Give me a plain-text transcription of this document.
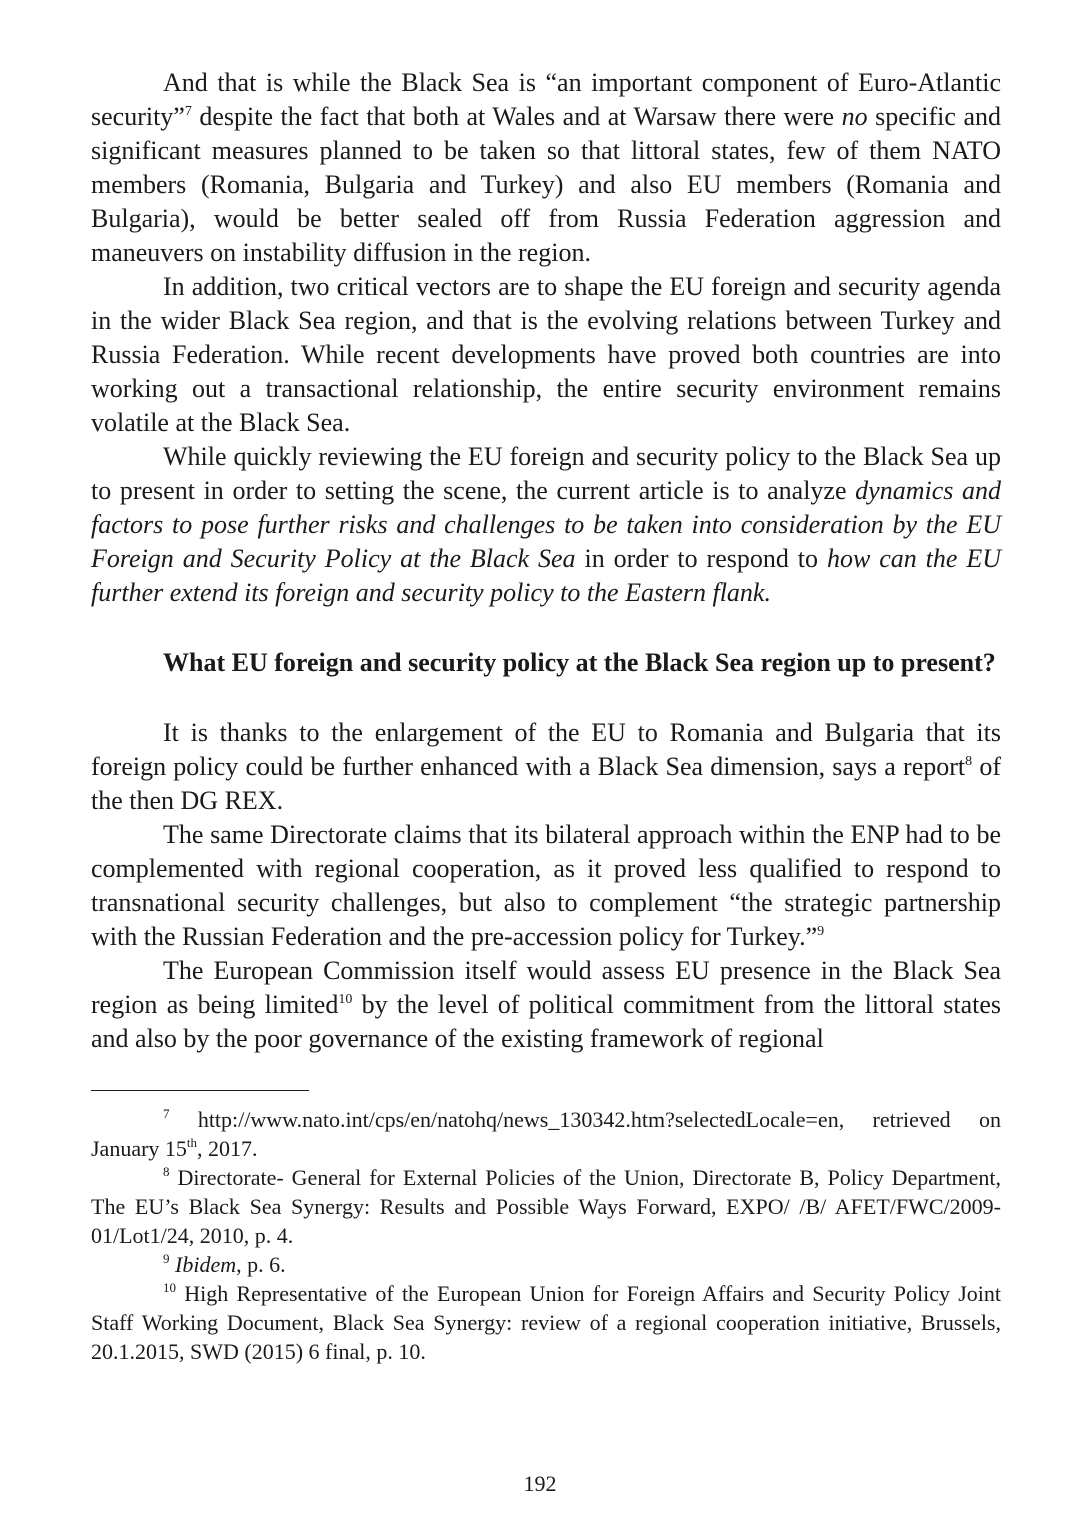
And that is while the Black Sea is “an important component of Euro-Atlantic security”$^7$ despite the fact that both at Wales and at Warsaw there were no specific and significant measures planned to be taken so that littoral states, few of them NATO members (Romania, Bulgaria and Turkey) and also EU members (Romania and Bulgaria), would be better sealed off from Russia Federation aggression and maneuvers on instability diffusion in the region.

In addition, two critical vectors are to shape the EU foreign and security agenda in the wider Black Sea region, and that is the evolving relations between Turkey and Russia Federation. While recent developments have proved both countries are into working out a transactional relationship, the entire security environment remains volatile at the Black Sea.

While quickly reviewing the EU foreign and security policy to the Black Sea up to present in order to setting the scene, the current article is to analyze dynamics and factors to pose further risks and challenges to be taken into consideration by the EU Foreign and Security Policy at the Black Sea in order to respond to how can the EU further extend its foreign and security policy to the Eastern flank.

What EU foreign and security policy at the Black Sea region up to present?

It is thanks to the enlargement of the EU to Romania and Bulgaria that its foreign policy could be further enhanced with a Black Sea dimension, says a report$^8$ of the then DG REX.

The same Directorate claims that its bilateral approach within the ENP had to be complemented with regional cooperation, as it proved less qualified to respond to transnational security challenges, but also to complement “the strategic partnership with the Russian Federation and the pre-accession policy for Turkey.”$^9$

The European Commission itself would assess EU presence in the Black Sea region as being limited$^{10}$ by the level of political commitment from the littoral states and also by the poor governance of the existing framework of regional

$^7$ http://www.nato.int/cps/en/natohq/news_130342.htm?selectedLocale=en, retrieved on January 15th, 2017.

$^8$ Directorate- General for External Policies of the Union, Directorate B, Policy Department, The EU’s Black Sea Synergy: Results and Possible Ways Forward, EXPO/ /B/ AFET/FWC/2009-01/Lot1/24, 2010, p. 4.

$^9$ Ibidem, p. 6.

$^{10}$ High Representative of the European Union for Foreign Affairs and Security Policy Joint Staff Working Document, Black Sea Synergy: review of a regional cooperation initiative, Brussels, 20.1.2015, SWD (2015) 6 final, p. 10.

192
